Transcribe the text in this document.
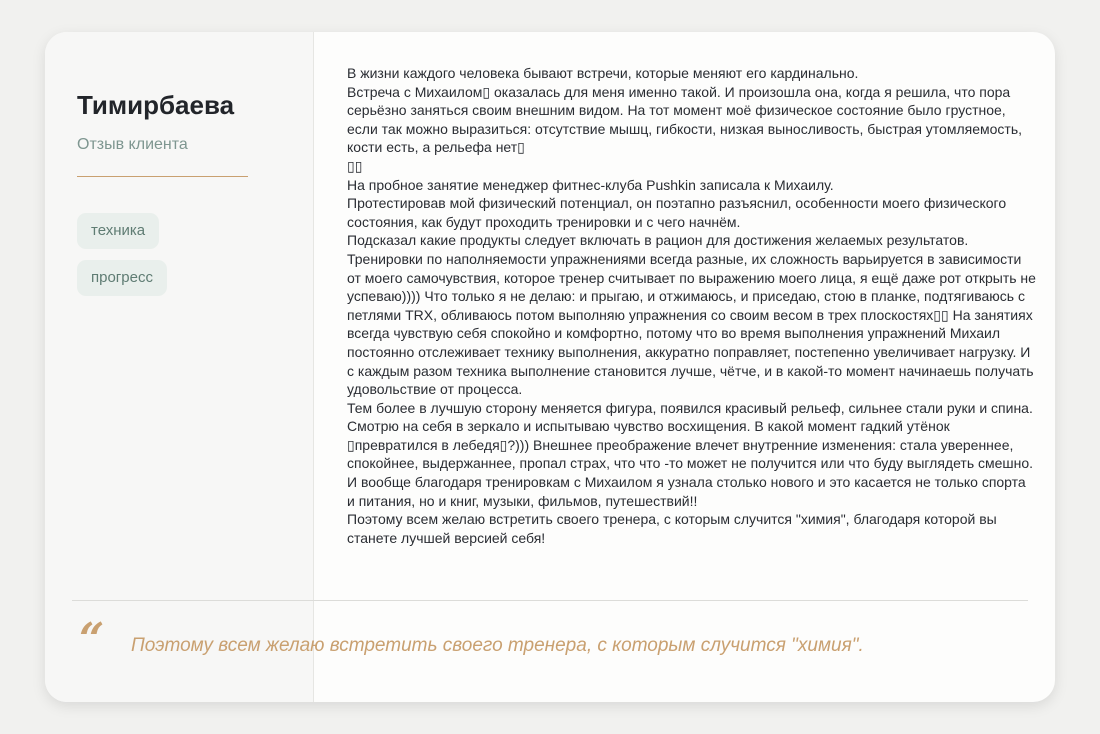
Тимирбаева
Отзыв клиента
техника
прогресс

В жизни каждого человека бывают встречи, которые меняют его кардинально.

Встреча с Михаилом▯ оказалась для меня именно такой. И произошла она, когда я решила, что пора серьёзно заняться своим внешним видом. На тот момент моё физическое состояние было грустное, если так можно выразиться: отсутствие мышц, гибкости, низкая выносливость, быстрая утомляемость, кости есть, а рельефа нет▯

▯▯

На пробное занятие менеджер фитнес-клуба Pushkin записала к Михаилу.

Протестировав мой физический потенциал, он поэтапно разъяснил, особенности моего физического состояния, как будут проходить тренировки и с чего начнём.

Подсказал какие продукты следует включать в рацион для достижения желаемых результатов.

Тренировки по наполняемости упражнениями всегда разные, их сложность варьируется в зависимости от моего самочувствия, которое тренер считывает по выражению моего лица, я ещё даже рот открыть не успеваю)))) Что только я не делаю: и прыгаю, и отжимаюсь, и приседаю, стою в планке, подтягиваюсь с петлями TRX, обливаюсь потом выполняю упражнения со своим весом в трех плоскостях▯▯ На занятиях всегда чувствую себя спокойно и комфортно, потому что во время выполнения упражнений Михаил постоянно отслеживает технику выполнения, аккуратно поправляет, постепенно увеличивает нагрузку. И с каждым разом техника выполнение становится лучше, чётче, и в какой-то момент начинаешь получать удовольствие от процесса.

Тем более в лучшую сторону меняется фигура, появился красивый рельеф, сильнее стали руки и спина. Смотрю на себя в зеркало и испытываю чувство восхищения. В какой момент гадкий утёнок ▯превратился в лебедя▯?))) Внешнее преображение влечет внутренние изменения: стала увереннее, спокойнее, выдержаннее, пропал страх, что что -то может не получится или что буду выглядеть смешно. И вообще благодаря тренировкам с Михаилом я узнала столько нового и это касается не только спорта и питания, но и книг, музыки, фильмов, путешествий!!

Поэтому всем желаю встретить своего тренера, с которым случится "химия", благодаря которой вы станете лучшей версией себя!

“ Поэтому всем желаю встретить своего тренера, с которым случится "химия".
